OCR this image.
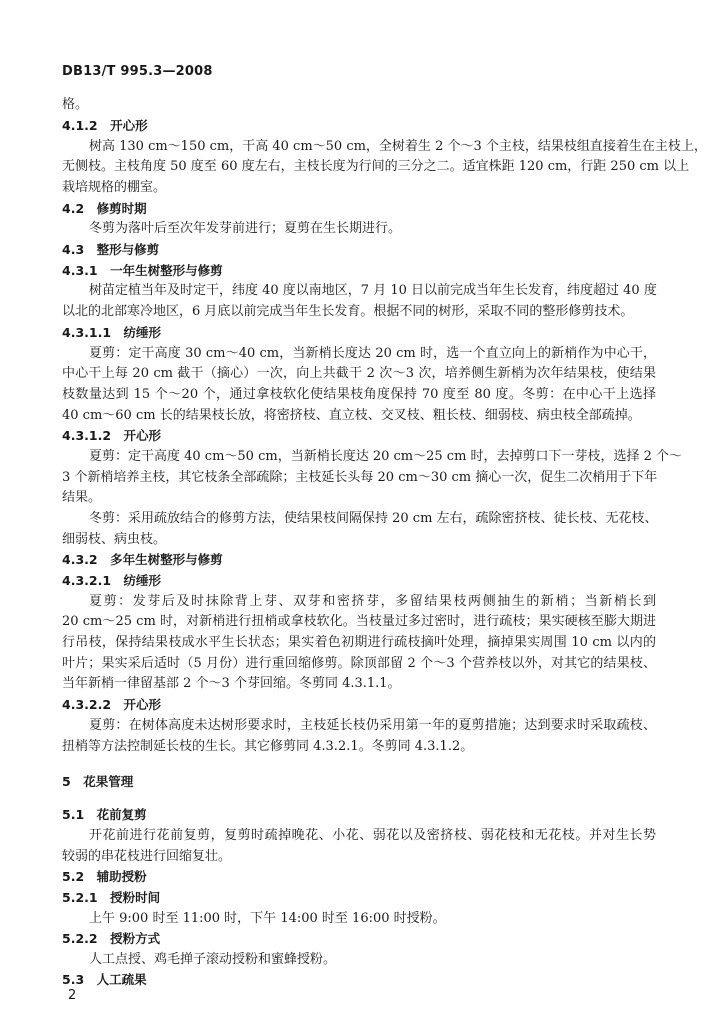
DB13/T 995.3—2008
格。
4.1.2　开心形
树高 130 cm～150 cm，干高 40 cm～50 cm，全树着生 2 个～3 个主枝，结果枝组直接着生在主枝上，
无侧枝。主枝角度 50 度至 60 度左右，主枝长度为行间的三分之二。适宜株距 120 cm，行距 250 cm 以上
栽培规格的棚室。
4.2　修剪时期
冬剪为落叶后至次年发芽前进行；夏剪在生长期进行。
4.3　整形与修剪
4.3.1　一年生树整形与修剪
树苗定植当年及时定干，纬度 40 度以南地区，7 月 10 日以前完成当年生长发育，纬度超过 40 度
以北的北部寒冷地区，6 月底以前完成当年生长发育。根据不同的树形，采取不同的整形修剪技术。
4.3.1.1　纺缍形
夏剪：定干高度 30 cm～40 cm，当新梢长度达 20 cm 时，选一个直立向上的新梢作为中心干，
中心干上每 20 cm 截干（摘心）一次，向上共截干 2 次～3 次，培养侧生新梢为次年结果枝，使结果
枝数量达到 15 个～20 个，通过拿枝软化使结果枝角度保持 70 度至 80 度。冬剪：在中心干上选择
40 cm～60 cm 长的结果枝长放，将密挤枝、直立枝、交叉枝、粗长枝、细弱枝、病虫枝全部疏掉。
4.3.1.2　开心形
夏剪：定干高度 40 cm～50 cm，当新梢长度达 20 cm～25 cm 时，去掉剪口下一芽枝，选择 2 个～
3 个新梢培养主枝，其它枝条全部疏除；主枝延长头每 20 cm～30 cm 摘心一次，促生二次梢用于下年
结果。
冬剪：采用疏放结合的修剪方法，使结果枝间隔保持 20 cm 左右，疏除密挤枝、徒长枝、无花枝、
细弱枝、病虫枝。
4.3.2　多年生树整形与修剪
4.3.2.1　纺缍形
夏剪：发芽后及时抹除背上芽、双芽和密挤芽，多留结果枝两侧抽生的新梢；当新梢长到
20 cm～25 cm 时，对新梢进行扭梢或拿枝软化。当枝量过多过密时，进行疏枝；果实硬核至膨大期进
行吊枝，保持结果枝成水平生长状态；果实着色初期进行疏枝摘叶处理，摘掉果实周围 10 cm 以内的
叶片；果实采后适时（5 月份）进行重回缩修剪。除顶部留 2 个～3 个营养枝以外，对其它的结果枝、
当年新梢一律留基部 2 个～3 个芽回缩。冬剪同 4.3.1.1。
4.3.2.2　开心形
夏剪：在树体高度未达树形要求时，主枝延长枝仍采用第一年的夏剪措施；达到要求时采取疏枝、
扭梢等方法控制延长枝的生长。其它修剪同 4.3.2.1。冬剪同 4.3.1.2。
5　花果管理
5.1　花前复剪
开花前进行花前复剪，复剪时疏掉晚花、小花、弱花以及密挤枝、弱花枝和无花枝。并对生长势
较弱的串花枝进行回缩复壮。
5.2　辅助授粉
5.2.1　授粉时间
上午 9:00 时至 11:00 时，下午 14:00 时至 16:00 时授粉。
5.2.2　授粉方式
人工点授、鸡毛掸子滚动授粉和蜜蜂授粉。
5.3　人工疏果
2
